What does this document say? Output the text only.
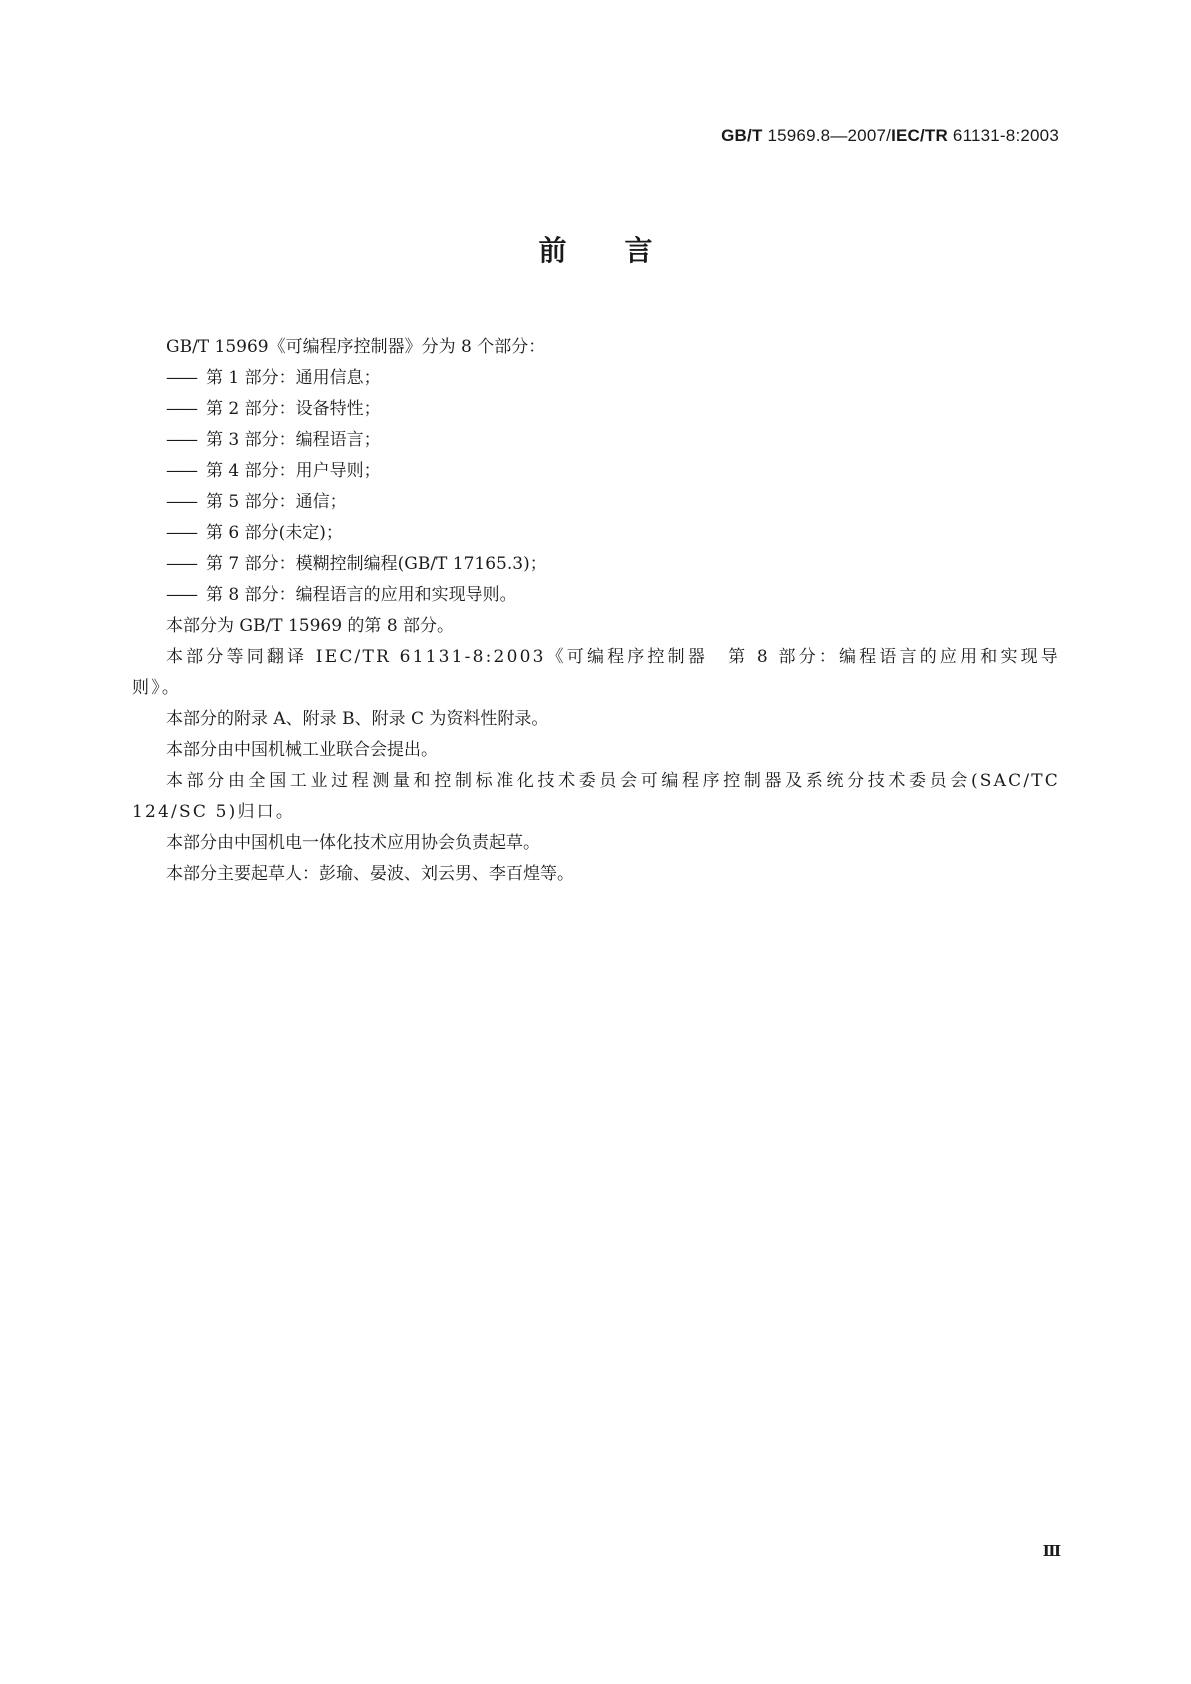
GB/T 15969.8—2007/IEC/TR 61131-8:2003
前言

GB/T 15969《可编程序控制器》分为 8 个部分：

—— 第 1 部分：通用信息；

—— 第 2 部分：设备特性；

—— 第 3 部分：编程语言；

—— 第 4 部分：用户导则；

—— 第 5 部分：通信；

—— 第 6 部分(未定)；

—— 第 7 部分：模糊控制编程(GB/T 17165.3)；

—— 第 8 部分：编程语言的应用和实现导则。

本部分为 GB/T 15969 的第 8 部分。

本部分等同翻译 IEC/TR 61131-8:2003《可编程序控制器　第 8 部分：编程语言的应用和实现导则》。

本部分的附录 A、附录 B、附录 C 为资料性附录。

本部分由中国机械工业联合会提出。

本部分由全国工业过程测量和控制标准化技术委员会可编程序控制器及系统分技术委员会(SAC/TC 124/SC 5)归口。

本部分由中国机电一体化技术应用协会负责起草。

本部分主要起草人：彭瑜、晏波、刘云男、李百煌等。

Ⅲ
